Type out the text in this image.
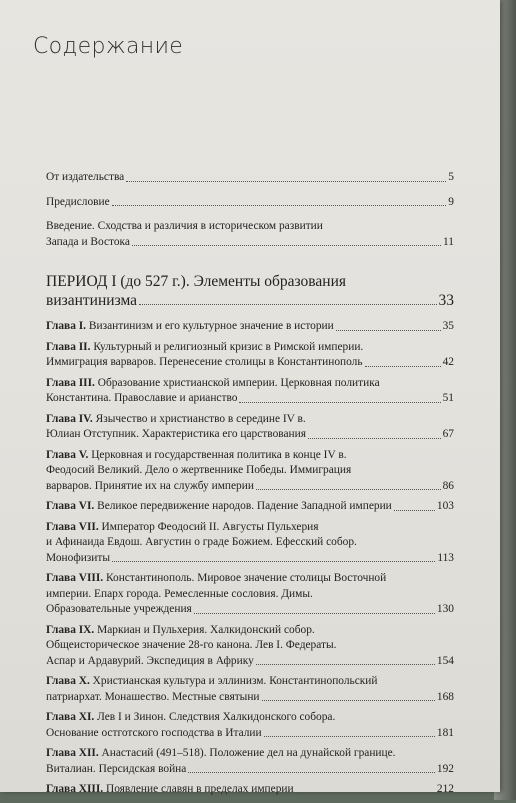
Содержание
От издательства	5
Предисловие	9
Введение. Сходства и различия в историческом развитии
Запада и Востока	11
ПЕРИОД I (до 527 г.). Элементы образования
византинизма	33
Глава I. Византинизм и его культурное значение в истории	35
Глава II. Культурный и религиозный кризис в Римской империи.
Иммиграция варваров. Перенесение столицы в Константинополь	42
Глава III. Образование христианской империи. Церковная политика
Константина. Православие и арианство	51
Глава IV. Язычество и христианство в середине IV в.
Юлиан Отступник. Характеристика его царствования	67
Глава V. Церковная и государственная политика в конце IV в.
Феодосий Великий. Дело о жертвеннике Победы. Иммиграция
варваров. Принятие их на службу империи	86
Глава VI. Великое передвижение народов. Падение Западной империи	103
Глава VII. Император Феодосий II. Августы Пульхерия
и Афинаида Евдош. Августин о граде Божием. Ефесский собор.
Монофизиты	113
Глава VIII. Константинополь. Мировое значение столицы Восточной
империи. Епарх города. Ремесленные сословия. Димы.
Образовательные учреждения	130
Глава IX. Маркиан и Пульхерия. Халкидонский собор.
Общеисторическое значение 28-го канона. Лев I. Федераты.
Аспар и Ардавурий. Экспедиция в Африку	154
Глава X. Христианская культура и эллинизм. Константинопольский
патриархат. Монашество. Местные святыни	168
Глава XI. Лев I и Зинон. Следствия Халкидонского собора.
Основание остготского господства в Италии	181
Глава XII. Анастасий (491–518). Положение дел на дунайской границе.
Виталиан. Персидская война	192
Глава XIII. Появление славян в пределах империи	212
